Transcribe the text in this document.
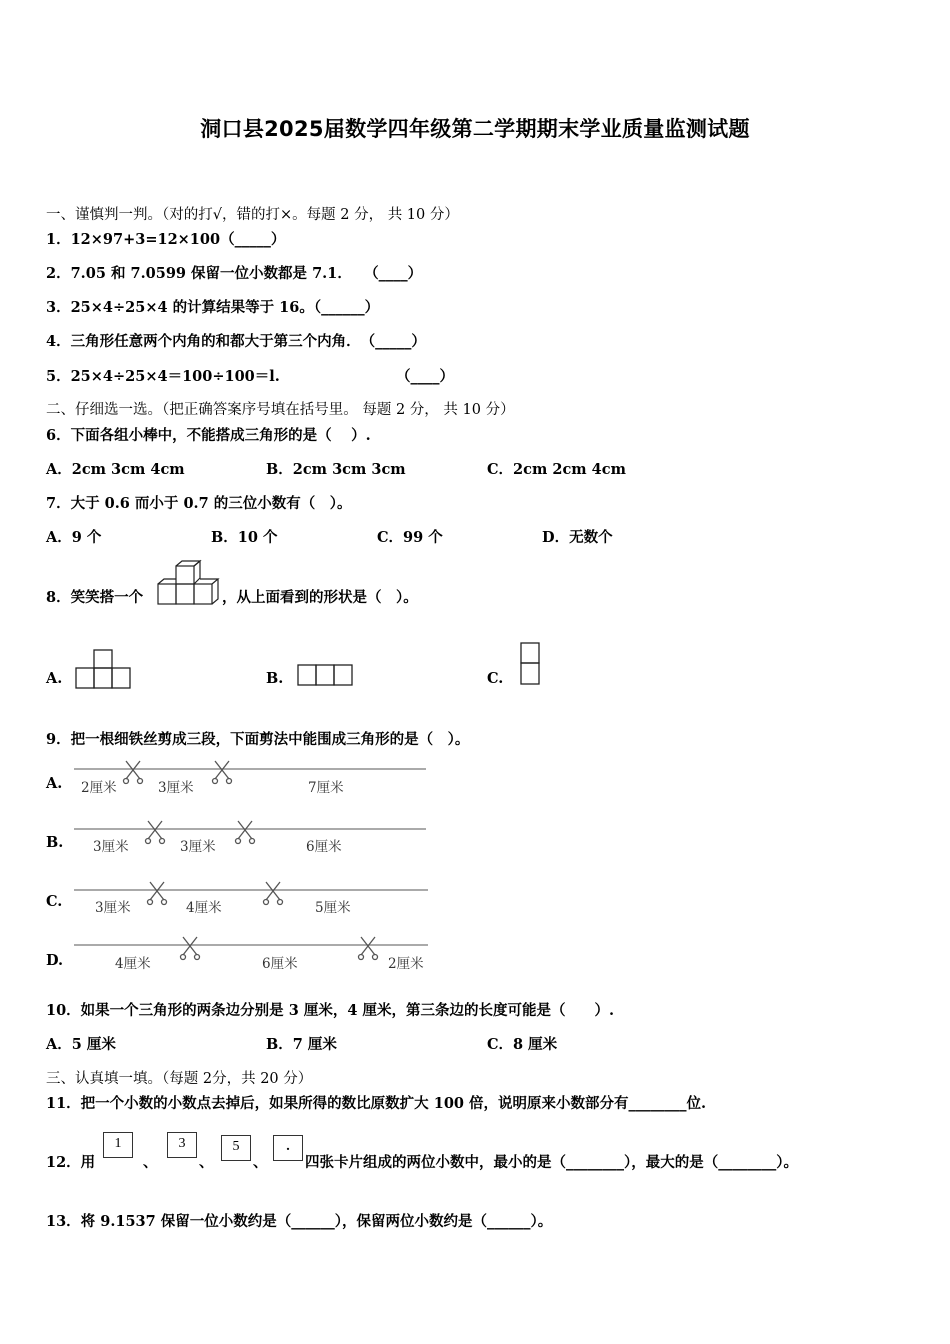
洞口县2025届数学四年级第二学期期末学业质量监测试题
一、谨慎判一判。（对的打√，错的打×。每题 2 分， 共 10 分）
1．12×97+3=12×100（_____）
2．7.05 和 7.0599 保留一位小数都是 7.1．　 （____）
3．25×4÷25×4 的计算结果等于 16。（______）
4．三角形任意两个内角的和都大于第三个内角．　（_____）
5．25×4÷25×4＝100÷100＝l.	（____）
二、仔细选一选。（把正确答案序号填在括号里。 每题 2 分， 共 10 分）
6．下面各组小棒中，不能搭成三角形的是（　 ）.
A．2cm 3cm 4cm	B．2cm 3cm 3cm	C．2cm 2cm 4cm
7．大于 0.6 而小于 0.7 的三位小数有（　）。
A．9 个	B．10 个	C．99 个	D．无数个
8．笑笑搭一个	，从上面看到的形状是（　）。
A.	B.	C.
9．把一根细铁丝剪成三段，下面剪法中能围成三角形的是（　）。
A. 2厘米	3厘米	7厘米
B. 3厘米	3厘米	6厘米
C. 3厘米	4厘米	5厘米
D.	4厘米	6厘米	2厘米
10．如果一个三角形的两条边分别是 3 厘米，4 厘米，第三条边的长度可能是（　　）.
A．5 厘米	B．7 厘米	C．8 厘米
三、认真填一填。（每题 2分，共 20 分）
11．把一个小数的小数点去掉后，如果所得的数比原数扩大 100 倍，说明原来小数部分有________位.
12．用
1
、
3
、
5
、
.
四张卡片组成的两位小数中，最小的是（________），最大的是（________）。
13．将 9.1537 保留一位小数约是（______），保留两位小数约是（______）。
